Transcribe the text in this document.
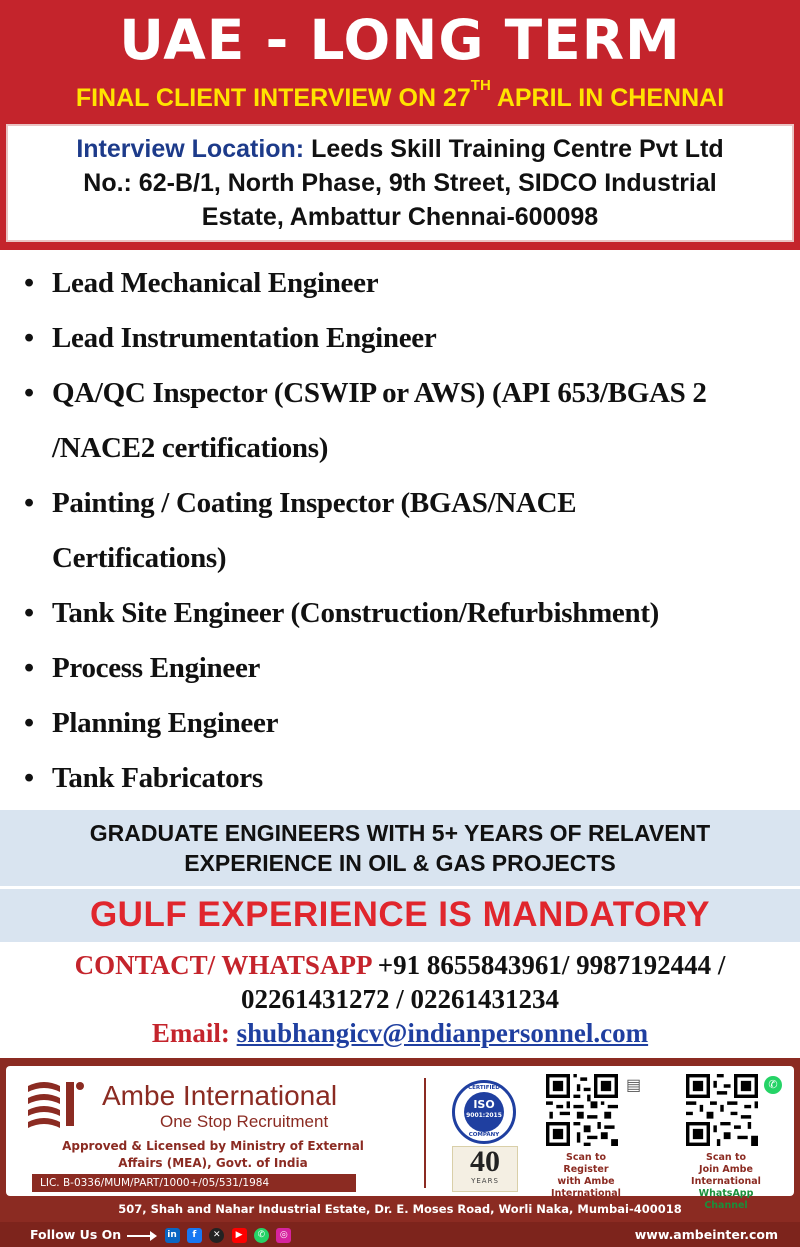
UAE - LONG TERM
FINAL CLIENT INTERVIEW ON 27TH APRIL IN CHENNAI
Interview Location: Leeds Skill Training Centre Pvt Ltd
No.: 62-B/1, North Phase, 9th Street, SIDCO Industrial
Estate, Ambattur Chennai-600098
• Lead Mechanical Engineer
• Lead Instrumentation Engineer
• QA/QC Inspector (CSWIP or AWS) (API 653/BGAS 2
/NACE2 certifications)
• Painting / Coating Inspector (BGAS/NACE
Certifications)
• Tank Site Engineer (Construction/Refurbishment)
• Process Engineer
• Planning Engineer
• Tank Fabricators
GRADUATE ENGINEERS WITH 5+ YEARS OF RELAVENT
EXPERIENCE IN OIL & GAS PROJECTS
GULF EXPERIENCE IS MANDATORY
CONTACT/ WHATSAPP +91 8655843961/ 9987192444 /
02261431272 / 02261431234
Email: shubhangicv@indianpersonnel.com
Ambe International
One Stop Recruitment
Approved & Licensed by Ministry of External
Affairs (MEA), Govt. of India
LIC. B-0336/MUM/PART/1000+/05/531/1984
CERTIFIED
ISO
9001:2015
COMPANY
40
YEARS
▤
Scan to
Register
with Ambe
International
✆
Scan to
Join Ambe
International
WhatsApp Channel
507, Shah and Nahar Industrial Estate, Dr. E. Moses Road, Worli Naka, Mumbai-400018
Follow Us On	in f ✕ ▶ ✆ ◎	www.ambeinter.com
